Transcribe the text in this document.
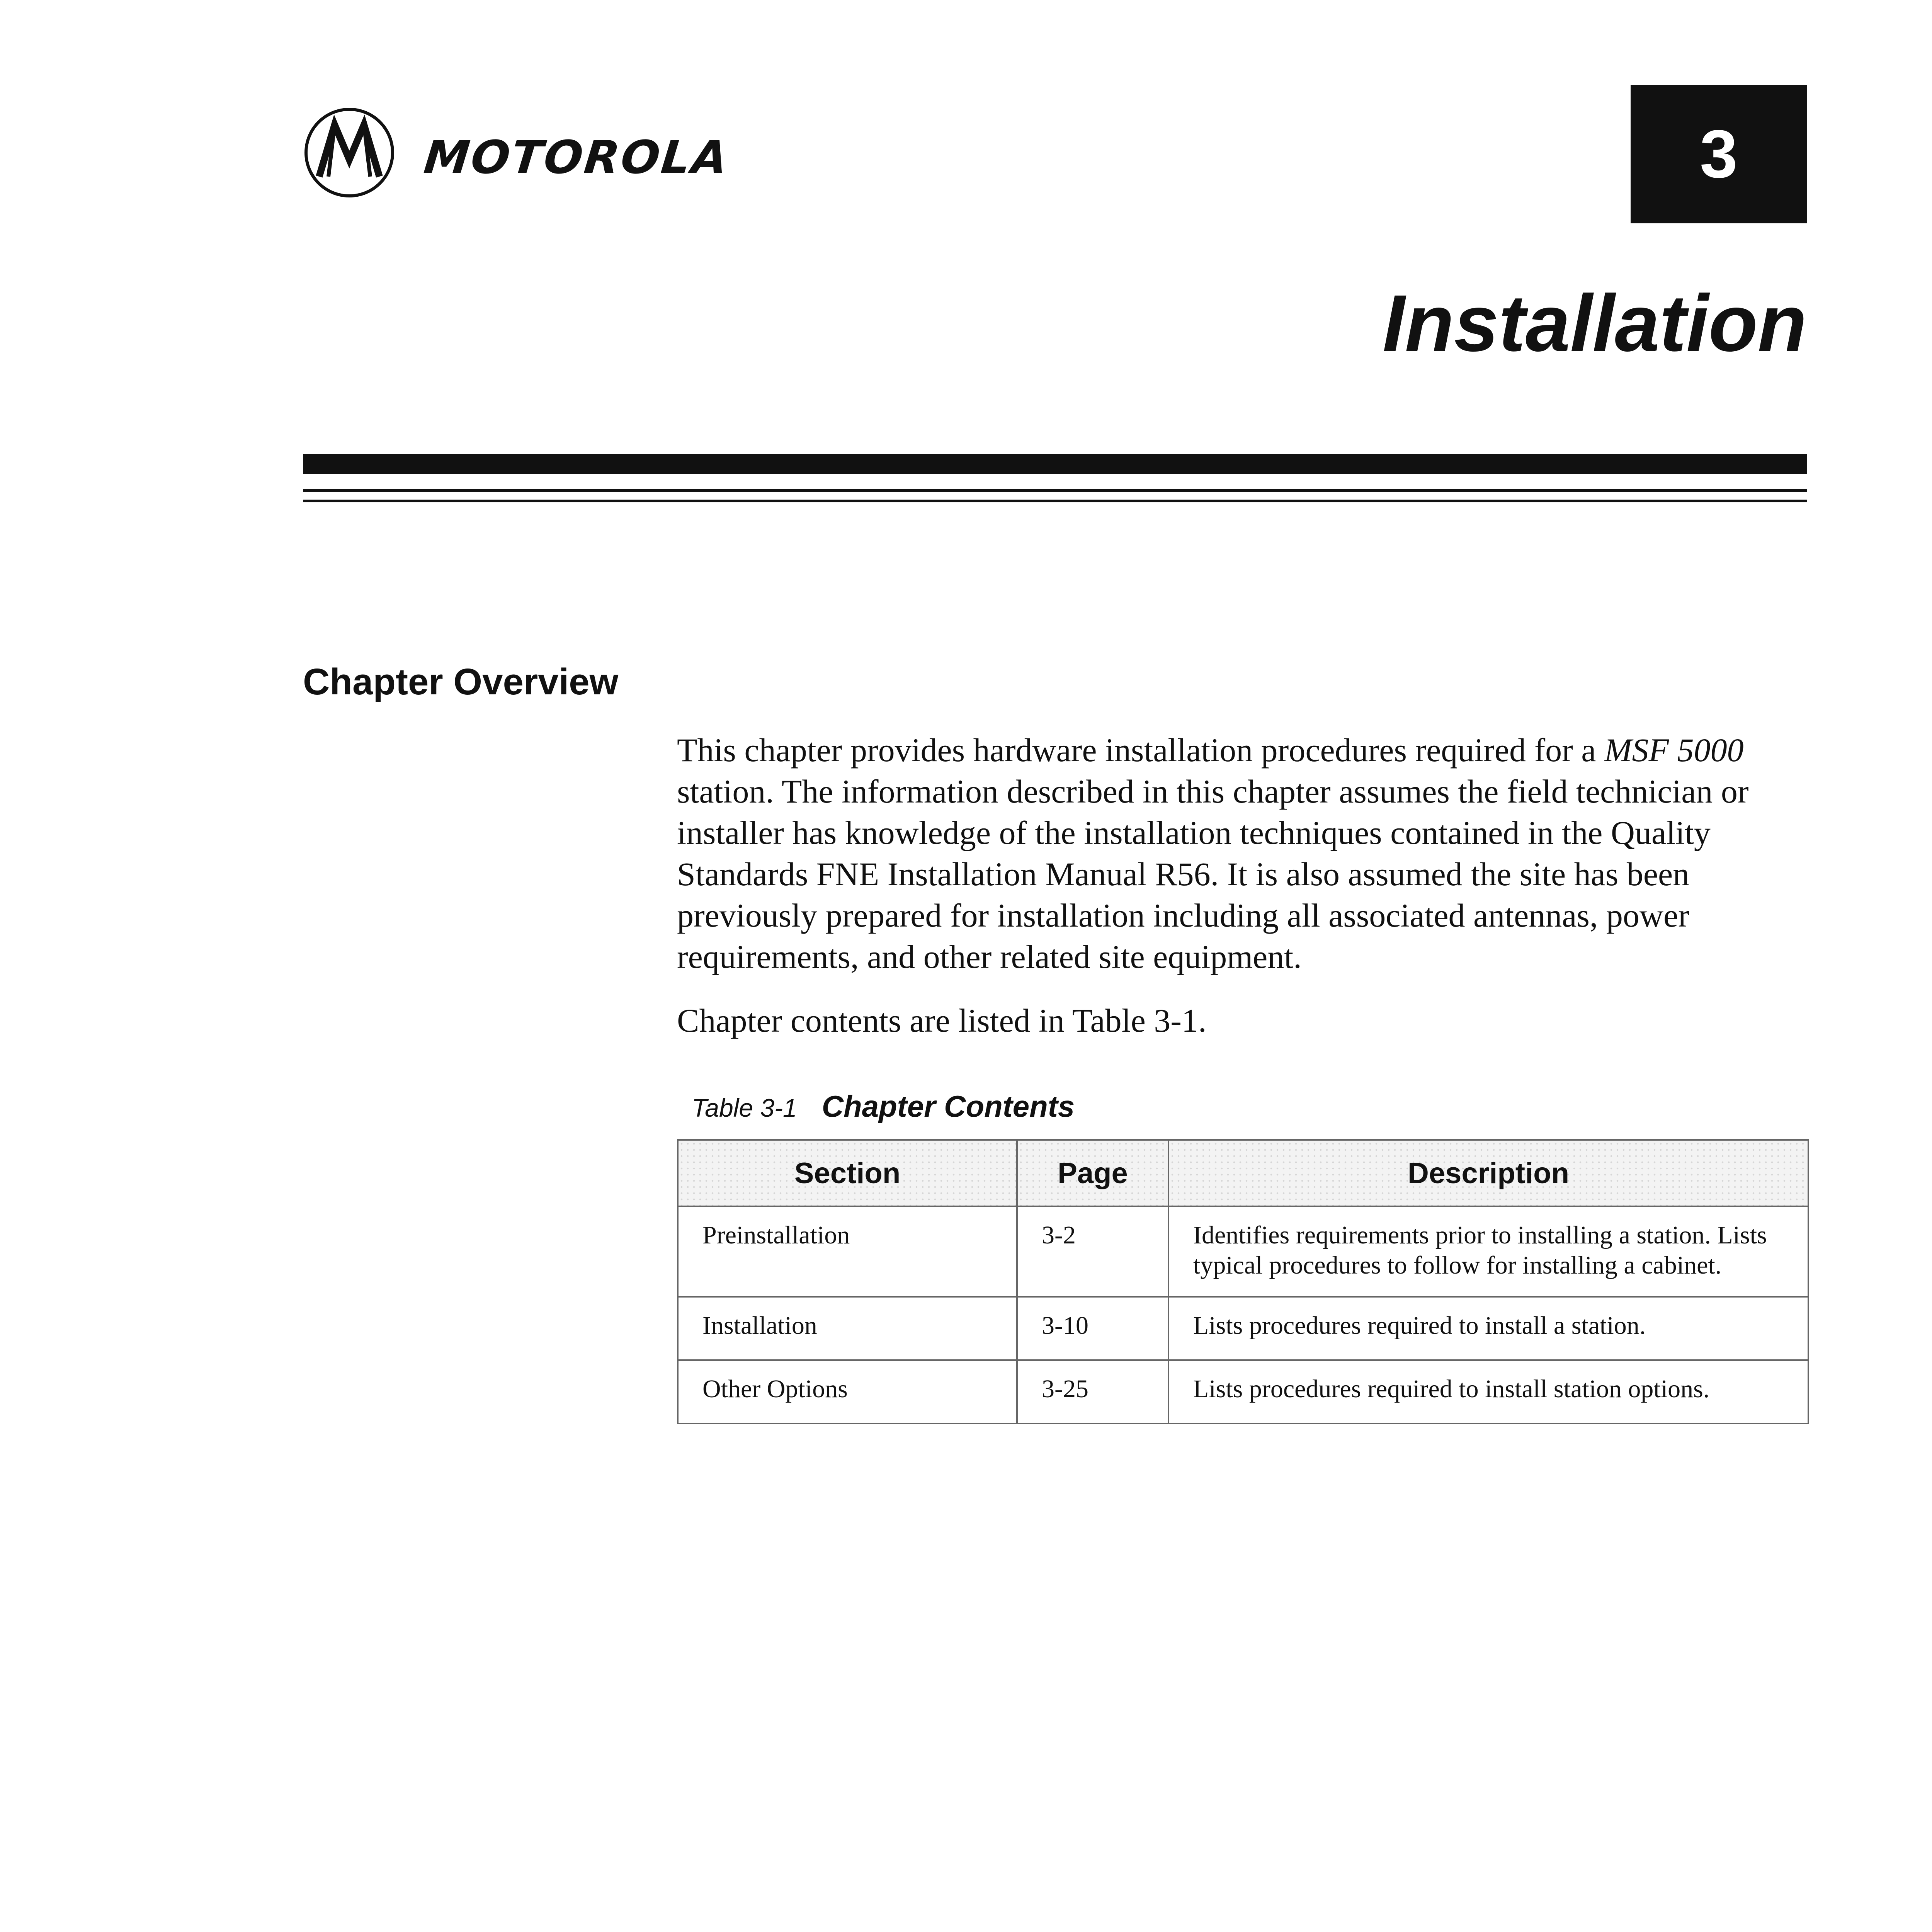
MOTOROLA	3
Installation
Chapter Overview
This chapter provides hardware installation procedures required for a MSF 5000 station. The information described in this chapter assumes the field technician or installer has knowledge of the installation techniques contained in the Quality Standards FNE Installation Manual R56. It is also assumed the site has been previously prepared for installation including all associated antennas, power requirements, and other related site equipment.
Chapter contents are listed in Table 3-1.
Table 3-1 Chapter Contents
Section	Page	Description
Preinstallation	3-2	Identifies requirements prior to installing a station. Lists typical procedures to follow for installing a cabinet.
Installation	3-10	Lists procedures required to install a station.
Other Options	3-25	Lists procedures required to install station options.
